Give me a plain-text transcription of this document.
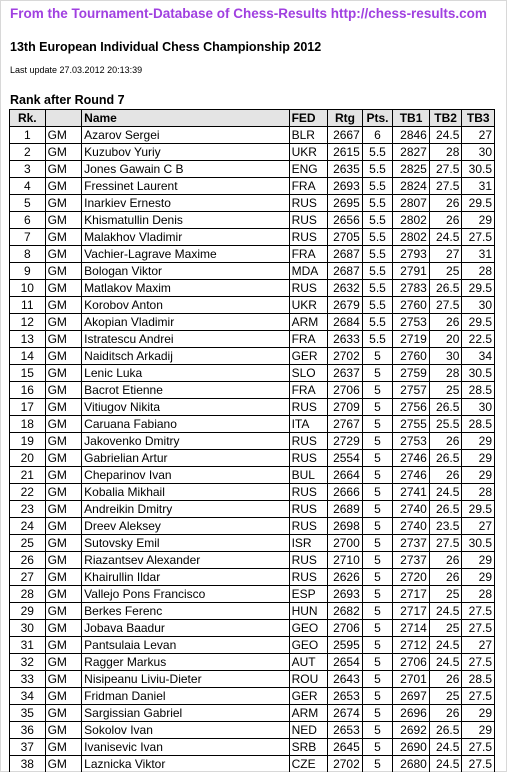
From the Tournament-Database of Chess-Results http://chess-results.com
13th European Individual Chess Championship 2012
Last update 27.03.2012 20:13:39
Rank after Round 7
Rk.		Name	FED	Rtg	Pts.	TB1	TB2	TB3
1	GM	Azarov Sergei	BLR	2667	6	2846	24.5	27
2	GM	Kuzubov Yuriy	UKR	2615	5.5	2827	28	30
3	GM	Jones Gawain C B	ENG	2635	5.5	2825	27.5	30.5
4	GM	Fressinet Laurent	FRA	2693	5.5	2824	27.5	31
5	GM	Inarkiev Ernesto	RUS	2695	5.5	2807	26	29.5
6	GM	Khismatullin Denis	RUS	2656	5.5	2802	26	29
7	GM	Malakhov Vladimir	RUS	2705	5.5	2802	24.5	27.5
8	GM	Vachier-Lagrave Maxime	FRA	2687	5.5	2793	27	31
9	GM	Bologan Viktor	MDA	2687	5.5	2791	25	28
10	GM	Matlakov Maxim	RUS	2632	5.5	2783	26.5	29.5
11	GM	Korobov Anton	UKR	2679	5.5	2760	27.5	30
12	GM	Akopian Vladimir	ARM	2684	5.5	2753	26	29.5
13	GM	Istratescu Andrei	FRA	2633	5.5	2719	20	22.5
14	GM	Naiditsch Arkadij	GER	2702	5	2760	30	34
15	GM	Lenic Luka	SLO	2637	5	2759	28	30.5
16	GM	Bacrot Etienne	FRA	2706	5	2757	25	28.5
17	GM	Vitiugov Nikita	RUS	2709	5	2756	26.5	30
18	GM	Caruana Fabiano	ITA	2767	5	2755	25.5	28.5
19	GM	Jakovenko Dmitry	RUS	2729	5	2753	26	29
20	GM	Gabrielian Artur	RUS	2554	5	2746	26.5	29
21	GM	Cheparinov Ivan	BUL	2664	5	2746	26	29
22	GM	Kobalia Mikhail	RUS	2666	5	2741	24.5	28
23	GM	Andreikin Dmitry	RUS	2689	5	2740	26.5	29.5
24	GM	Dreev Aleksey	RUS	2698	5	2740	23.5	27
25	GM	Sutovsky Emil	ISR	2700	5	2737	27.5	30.5
26	GM	Riazantsev Alexander	RUS	2710	5	2737	26	29
27	GM	Khairullin Ildar	RUS	2626	5	2720	26	29
28	GM	Vallejo Pons Francisco	ESP	2693	5	2717	25	28
29	GM	Berkes Ferenc	HUN	2682	5	2717	24.5	27.5
30	GM	Jobava Baadur	GEO	2706	5	2714	25	27.5
31	GM	Pantsulaia Levan	GEO	2595	5	2712	24.5	27
32	GM	Ragger Markus	AUT	2654	5	2706	24.5	27.5
33	GM	Nisipeanu Liviu-Dieter	ROU	2643	5	2701	26	28.5
34	GM	Fridman Daniel	GER	2653	5	2697	25	27.5
35	GM	Sargissian Gabriel	ARM	2674	5	2696	26	29
36	GM	Sokolov Ivan	NED	2653	5	2692	26.5	29
37	GM	Ivanisevic Ivan	SRB	2645	5	2690	24.5	27.5
38	GM	Laznicka Viktor	CZE	2702	5	2680	24.5	27.5
